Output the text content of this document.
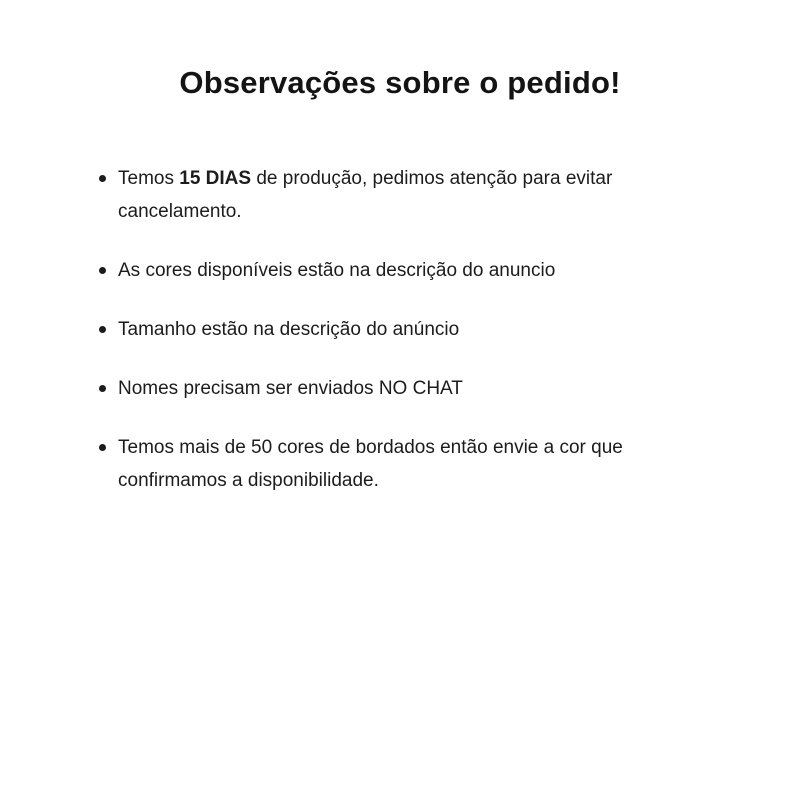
Observações sobre o pedido!
Temos 15 DIAS de produção, pedimos atenção para evitar cancelamento.
As cores disponíveis estão na descrição do anuncio
Tamanho estão na descrição do anúncio
Nomes precisam ser enviados NO CHAT
Temos mais de 50 cores de bordados então envie a cor que confirmamos a disponibilidade.
